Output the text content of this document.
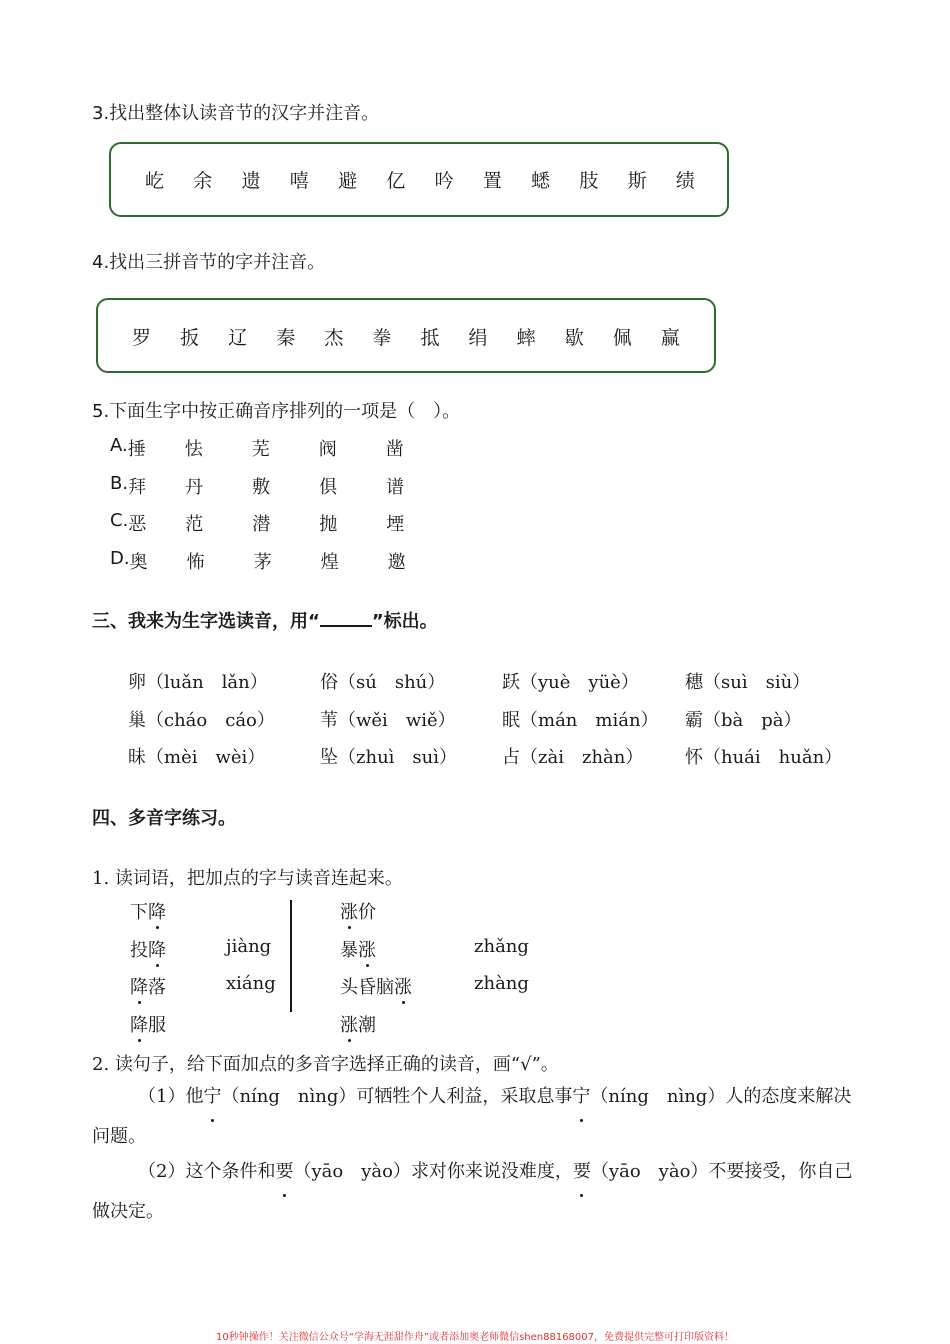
3.找出整体认读音节的汉字并注音。
屹 余 遗 嘻 避 亿 吟 置 蟋 肢 斯 绩
4.找出三拼音节的字并注音。
罗 扳 辽 秦 杰 拳 抵 绢 蟀 歇 佩 赢
5.下面生字中按正确音序排列的一项是（　）。
A. 捶	怯	芜	阀	凿
B. 拜	丹	敷	俱	谱
C. 恶	范	潜	抛	堙
D. 奥	怖	茅	煌	邀
三、我来为生字选读音，用“	”标出。
卵（luǎn　lǎn）	俗（sú　shú）	跃（yuè　yüè）	穗（suì　siù）
巢（cháo　cáo）	苇（wěi　wiě）	眠（mán　mián） 霸（bà　pà）
昧（mèi　wèi）	坠（zhuì　suì） 占（zài　zhàn） 怀（huái　huǎn）
四、多音字练习。
1. 读词语，把加点的字与读音连起来。
下降
投降
降落
降服
jiàng
xiáng
涨价
暴涨
头昏脑涨
涨潮
zhǎng
zhàng
2. 读句子，给下面加点的多音字选择正确的读音，画“√”。
（1）他宁（níng　nìng）可牺牲个人利益，采取息事宁（níng　nìng）人的态度来解决
问题。
（2）这个条件和要（yāo　yào）求对你来说没难度，要（yāo　yào）不要接受，你自己
做决定。
10秒钟操作！关注微信公众号“学海无涯甜作舟”或者添加奥老师微信shen88168007，免费提供完整可打印版资料！
